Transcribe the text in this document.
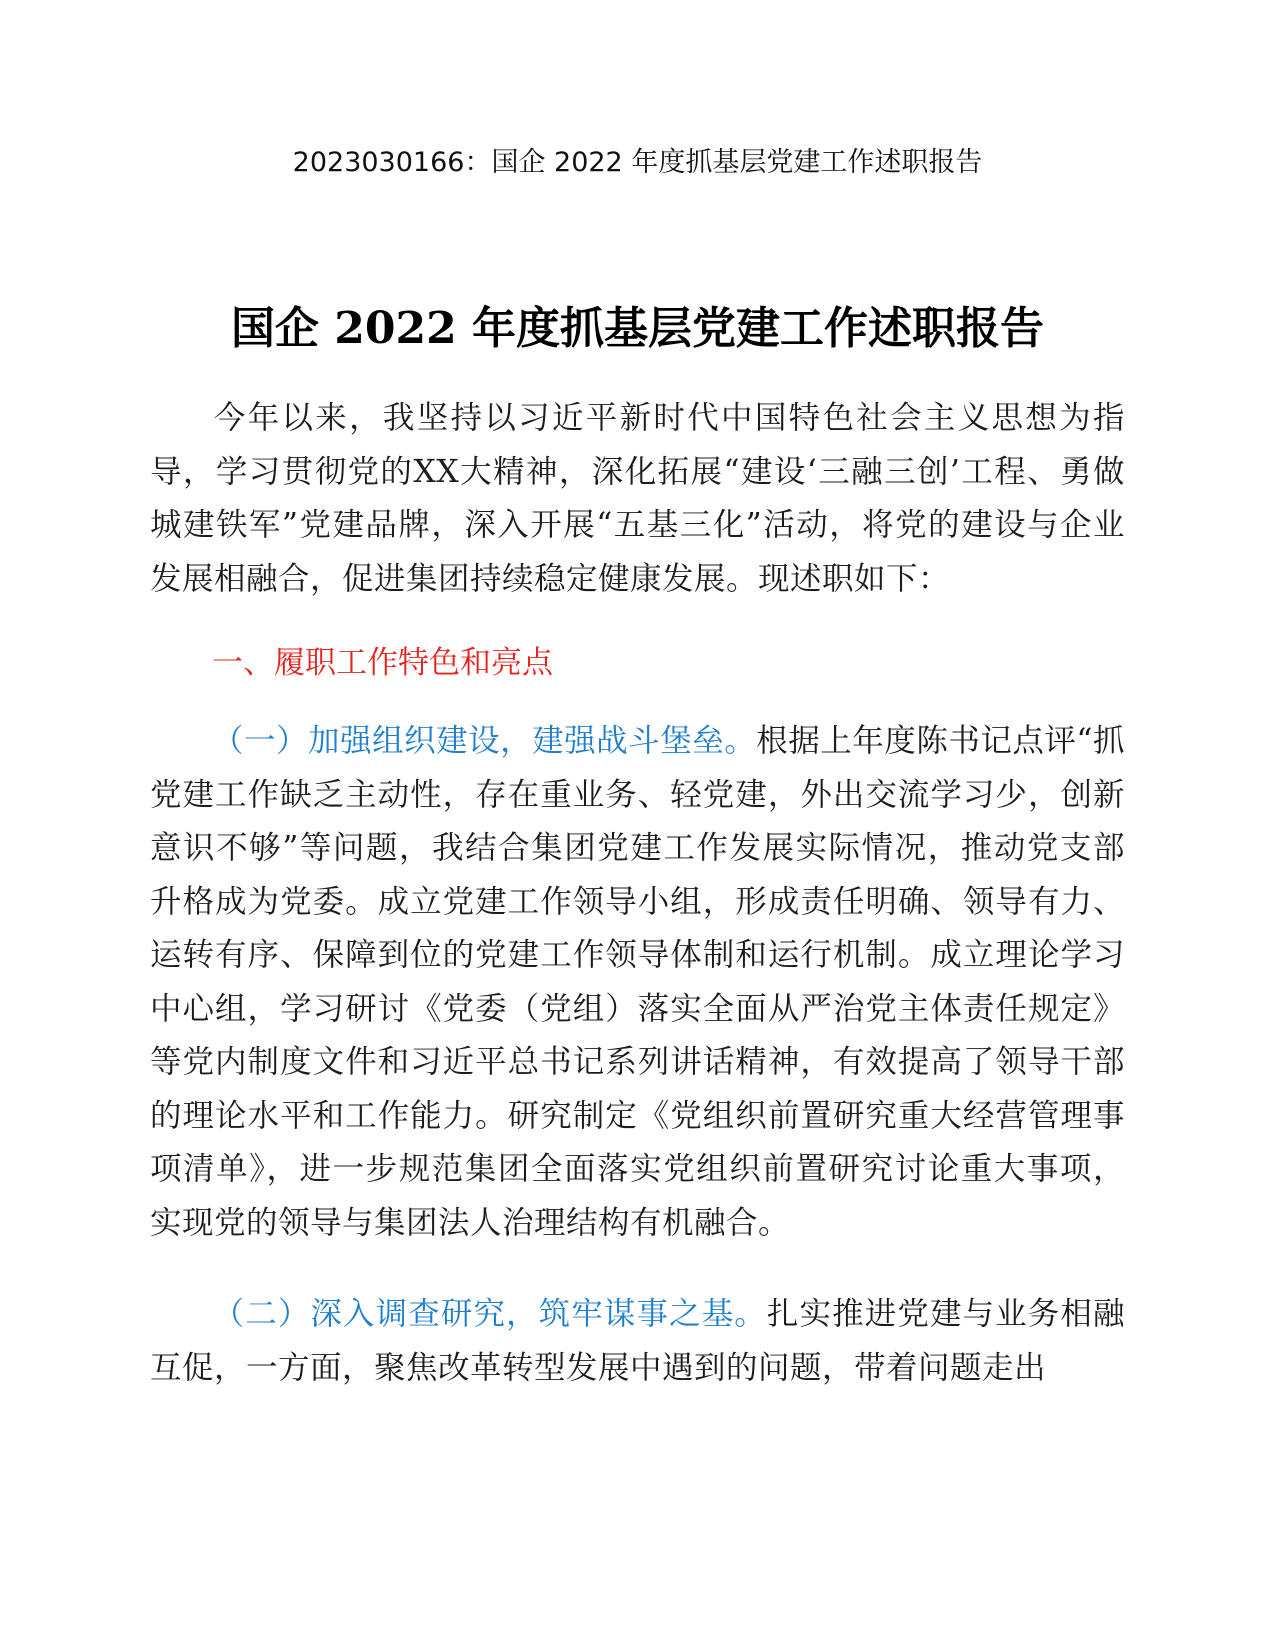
2023030166：国企 2022 年度抓基层党建工作述职报告
国企 2022 年度抓基层党建工作述职报告
今年以来，我坚持以习近平新时代中国特色社会主义思想为指导，学习贯彻党的XX大精神，深化拓展“建设‘三融三创’工程、勇做城建铁军”党建品牌，深入开展“五基三化”活动，将党的建设与企业发展相融合，促进集团持续稳定健康发展。现述职如下：
一、履职工作特色和亮点
（一）加强组织建设，建强战斗堡垒。根据上年度陈书记点评“抓党建工作缺乏主动性，存在重业务、轻党建，外出交流学习少，创新意识不够”等问题，我结合集团党建工作发展实际情况，推动党支部升格成为党委。成立党建工作领导小组，形成责任明确、领导有力、运转有序、保障到位的党建工作领导体制和运行机制。成立理论学习中心组，学习研讨《党委（党组）落实全面从严治党主体责任规定》等党内制度文件和习近平总书记系列讲话精神，有效提高了领导干部的理论水平和工作能力。研究制定《党组织前置研究重大经营管理事项清单》，进一步规范集团全面落实党组织前置研究讨论重大事项，实现党的领导与集团法人治理结构有机融合。
（二）深入调查研究，筑牢谋事之基。扎实推进党建与业务相融互促，一方面，聚焦改革转型发展中遇到的问题，带着问题走出
